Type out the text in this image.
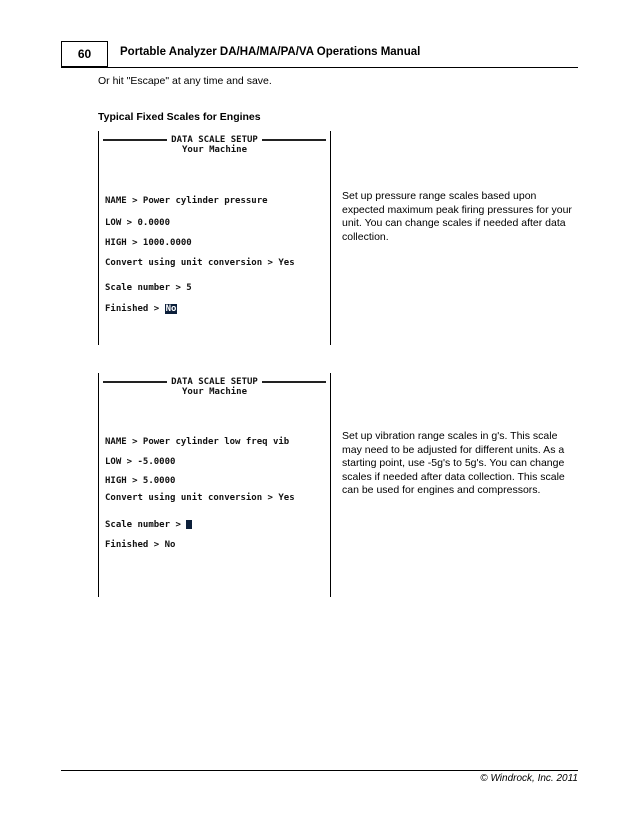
60	Portable Analyzer DA/HA/MA/PA/VA Operations Manual
Or hit "Escape" at any time and save.
Typical Fixed Scales for Engines
DATA SCALE SETUP
Your Machine
NAME > Power cylinder pressure
LOW > 0.0000
HIGH > 1000.0000
Convert using unit conversion > Yes
Scale number > 5
Finished > No
Set up pressure range scales based upon expected maximum peak firing pressures for your unit. You can change scales if needed after data collection.
DATA SCALE SETUP
Your Machine
NAME > Power cylinder low freq vib
LOW > -5.0000
HIGH > 5.0000
Convert using unit conversion > Yes
Scale number >
Finished > No
Set up vibration range scales in g's. This scale may need to be adjusted for different units. As a starting point, use -5g's to 5g's. You can change scales if needed after data collection. This scale can be used for engines and compressors.
© Windrock, Inc. 2011
